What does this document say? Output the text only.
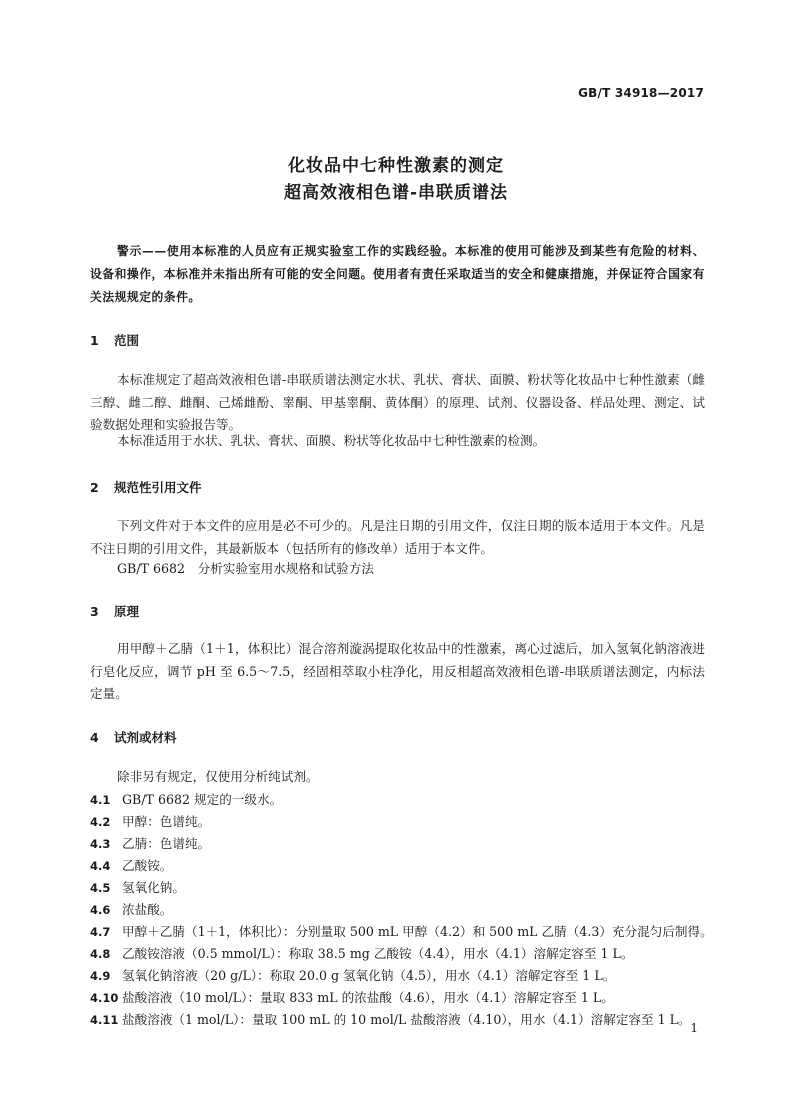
GB/T 34918—2017
化妆品中七种性激素的测定
超高效液相色谱-串联质谱法

警示——使用本标准的人员应有正规实验室工作的实践经验。本标准的使用可能涉及到某些有危险的材料、设备和操作，本标准并未指出所有可能的安全问题。使用者有责任采取适当的安全和健康措施，并保证符合国家有关法规规定的条件。

1 范围

本标准规定了超高效液相色谱-串联质谱法测定水状、乳状、膏状、面膜、粉状等化妆品中七种性激素（雌三醇、雌二醇、雌酮、己烯雌酚、睾酮、甲基睾酮、黄体酮）的原理、试剂、仪器设备、样品处理、测定、试验数据处理和实验报告等。

本标准适用于水状、乳状、膏状、面膜、粉状等化妆品中七种性激素的检测。

2 规范性引用文件

下列文件对于本文件的应用是必不可少的。凡是注日期的引用文件，仅注日期的版本适用于本文件。凡是不注日期的引用文件，其最新版本（包括所有的修改单）适用于本文件。

GB/T 6682　分析实验室用水规格和试验方法
3 原理

用甲醇＋乙腈（1＋1，体积比）混合溶剂漩涡提取化妆品中的性激素，离心过滤后，加入氢氧化钠溶液进行皂化反应，调节 pH 至 6.5～7.5，经固相萃取小柱净化，用反相超高效液相色谱-串联质谱法测定，内标法定量。

4 试剂或材料
除非另有规定，仅使用分析纯试剂。
4.1 GB/T 6682 规定的一级水。
4.2 甲醇：色谱纯。
4.3 乙腈：色谱纯。
4.4 乙酸铵。
4.5 氢氧化钠。
4.6 浓盐酸。
4.7 甲醇＋乙腈（1＋1，体积比）：分别量取 500 mL 甲醇（4.2）和 500 mL 乙腈（4.3）充分混匀后制得。
4.8 乙酸铵溶液（0.5 mmol/L）：称取 38.5 mg 乙酸铵（4.4），用水（4.1）溶解定容至 1 L。
4.9 氢氧化钠溶液（20 g/L）：称取 20.0 g 氢氧化钠（4.5），用水（4.1）溶解定容至 1 L。
4.10 盐酸溶液（10 mol/L）：量取 833 mL 的浓盐酸（4.6），用水（4.1）溶解定容至 1 L。
4.11 盐酸溶液（1 mol/L）：量取 100 mL 的 10 mol/L 盐酸溶液（4.10），用水（4.1）溶解定容至 1 L。
1
